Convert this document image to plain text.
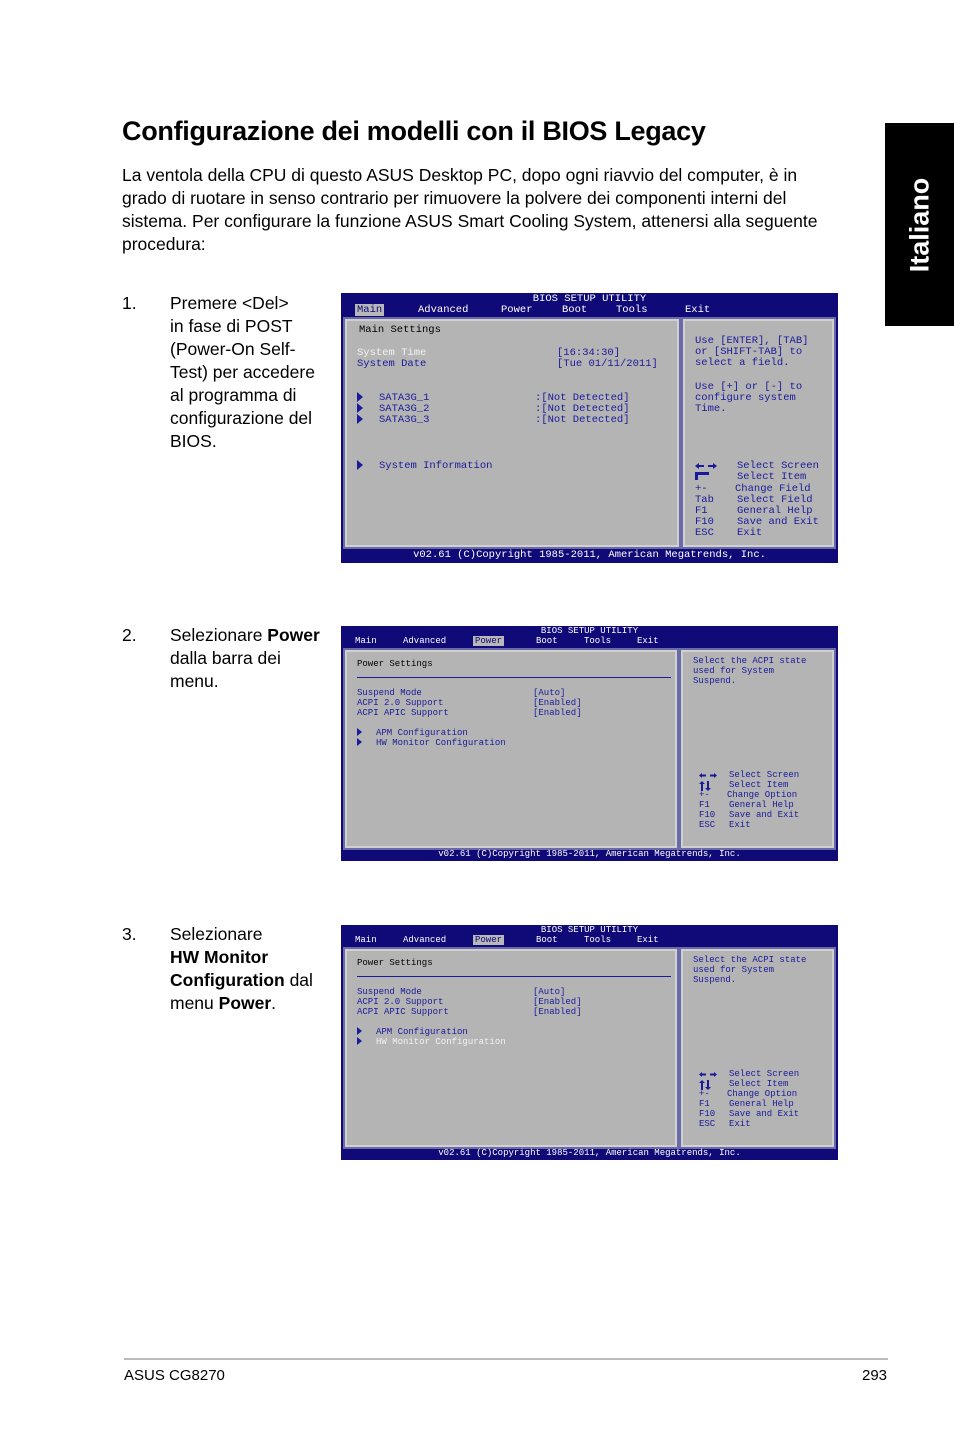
Italiano
Configurazione dei modelli con il BIOS Legacy

La ventola della CPU di questo ASUS Desktop PC, dopo ogni riavvio del computer, è in grado di ruotare in senso contrario per rimuovere la polvere dei componenti interni del sistema. Per configurare la funzione ASUS Smart Cooling System, attenersi alla seguente procedura:

1. Premere <Del>
in fase di POST
(Power-On Self-
Test) per accedere
al programma di
configurazione del
BIOS.
2. Selezionare Power
dalla barra dei
menu.
3. Selezionare
HW Monitor
Configuration dal
menu Power.
BIOS SETUP UTILITY
Main	Advanced	Power	Boot	Tools	Exit
Main Settings
System Time	[16:34:30]
System Date	[Tue 01/11/2011]
SATA3G_1	:[Not Detected]
SATA3G_2	:[Not Detected]
SATA3G_3	:[Not Detected]
System Information
Use [ENTER], [TAB]
or [SHIFT-TAB] to
select a field.
Use [+] or [-] to
configure system
Time.
Select Screen
Select Item
+-	Change Field
Tab Select Field
F1	General Help
F10 Save and Exit
ESC Exit
v02.61 (C)Copyright 1985-2011, American Megatrends, Inc.
BIOS SETUP UTILITY
Main	Advanced	Power	Boot	Tools	Exit
Power Settings
Suspend Mode	[Auto]
ACPI 2.0 Support	[Enabled]
ACPI APIC Support	[Enabled]
APM Configuration
HW Monitor Configuration
Select the ACPI state
used for System
Suspend.
Select Screen
Select Item
+- Change Option
F1 General Help
F10 Save and Exit
ESC Exit
v02.61 (C)Copyright 1985-2011, American Megatrends, Inc.
BIOS SETUP UTILITY
Main	Advanced	Power	Boot	Tools	Exit
Power Settings
Suspend Mode	[Auto]
ACPI 2.0 Support	[Enabled]
ACPI APIC Support	[Enabled]
APM Configuration
HW Monitor Configuration
Select the ACPI state
used for System
Suspend.
Select Screen
Select Item
+- Change Option
F1 General Help
F10 Save and Exit
ESC Exit
v02.61 (C)Copyright 1985-2011, American Megatrends, Inc.
ASUS CG8270	293
